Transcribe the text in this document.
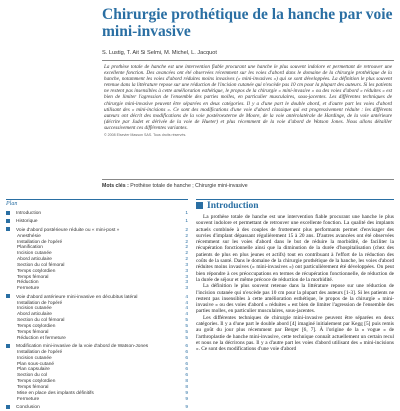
Chirurgie prothétique de la hanche par voie mini-invasive
S. Lustig, T. Ait Si Selmi, M. Michel, L. Jacquot

La prothèse totale de hanche est une intervention fiable procurant une hanche le plus souvent indolore et permettant de retrouver une excellente fonction. Des avancées ont été observées récemment sur les voies d'abord dans le domaine de la chirurgie prothétique de la hanche, notamment les voies d'abord réduites moins invasives (« mini-invasives ») qui se sont développées. La définition le plus souvent retenue dans la littérature repose sur une réduction de l'incision cutanée qui n'excède pas 10 cm pour la plupart des auteurs. Si les patients ne restent pas insensibles à cette amélioration esthétique, le propos de la chirurgie « mini-invasive » ou des voies d'abord « réduites » est bien de limiter l'agression de l'ensemble des parties molles, en particulier musculaires, sous-jacentes. Les différentes techniques de chirurgie mini-invasive peuvent être séparées en deux catégories. Il y a d'une part le double abord, et d'autre part les voies d'abord utilisant des « mini-incisions ». Ce sont des modifications d'une voie d'abord classique qui est progressivement réduite : les différents auteurs ont décrit des modifications de la voie postéroexterne de Moore, de la voie antérolatérale de Hardinge, de la voie antérieure (décrite par Judet et dérivée de la voie de Hueter) et plus récemment de la voie d'abord de Watson Jones. Nous allons détailler successivement ces différentes variantes.

© 2008 Elsevier Masson SAS. Tous droits réservés.

Mots clés : Prothèse totale de hanche ; Chirurgie mini-invasive
Plan
Introduction	1
Historique	1
Voie d'abord postérieure réduite ou « mini-post »	2
Anesthésie	2
Installation de l'opéré	2
Planification	2
Incision cutanée	2
Abord articulaire	2
Section du col fémoral	3
Temps cotyloïdien	3
Temps fémoral	3
Réduction	3
Fermeture	3
Voie d'abord antérieure mini-invasive en décubitus latéral	4
Installation de l'opéré	4
Incision cutanée	4
Abord articulaire	4
Section du col fémoral	5
Temps cotyloïdien	5
Temps fémoral	5
Réduction et fermeture	5
Modification mini-invasive de la voie d'abord de Watson-Jones	6
Installation de l'opéré	6
Incision cutanée	6
Plan sous-cutané	6
Plan capsulaire	6
Section du col	6
Temps cotyloïdien	8
Temps fémoral	8
Mise en place des implants définitifs	9
Fermeture	9
Conclusion	9
Introduction

La prothèse totale de hanche est une intervention fiable procurant une hanche le plus souvent indolore et permettant de retrouver une excellente fonction. La qualité des implants actuels combinée à des couples de frottement plus performants permet d'envisager des survies d'implant dépassant régulièrement 15 à 20 ans. D'autres avancées ont été observées récemment sur les voies d'abord dans le but de réduire la morbidité, de faciliter la récupération fonctionnelle ainsi que la diminution de la durée d'hospitalisation (chez des patients de plus en plus jeunes et actifs) tout en contribuant à l'effort de la réduction des coûts de la santé. Dans le domaine de la chirurgie prothétique de la hanche, les voies d'abord réduites moins invasives (« mini-invasives ») ont particulièrement été développées. On peut bien répondre à ces préoccupations en termes de récupération fonctionnelle, de réduction de la durée de séjour et même précoce de réduction de la morbidité.

La définition le plus souvent retenue dans la littérature repose sur une réduction de l'incision cutanée qui n'excède pas 10 cm pour la plupart des auteurs [1-3]. Si les patients ne restent pas insensibles à cette amélioration esthétique, le propos de la chirurgie « mini-invasive » ou des voies d'abord « réduites » est bien de limiter l'agression de l'ensemble des parties molles, en particulier musculaires, sous-jacentes.

Les différentes techniques de chirurgie mini-invasive peuvent être séparées en deux catégories. Il y a d'une part le double abord [4] imaginé initialement par Kegg [5] puis remis au goût du jour plus récemment par Berger [6, 7]. À l'origine de la « vogue » de l'arthroplastie de hanche mini-invasive, cette technique connaît actuellement un certain recul et nous ne la décrirons pas. Il y a d'autre part les voies d'abord utilisant des « mini-incisions ». Ce sont des modifications d'une voie d'abord
